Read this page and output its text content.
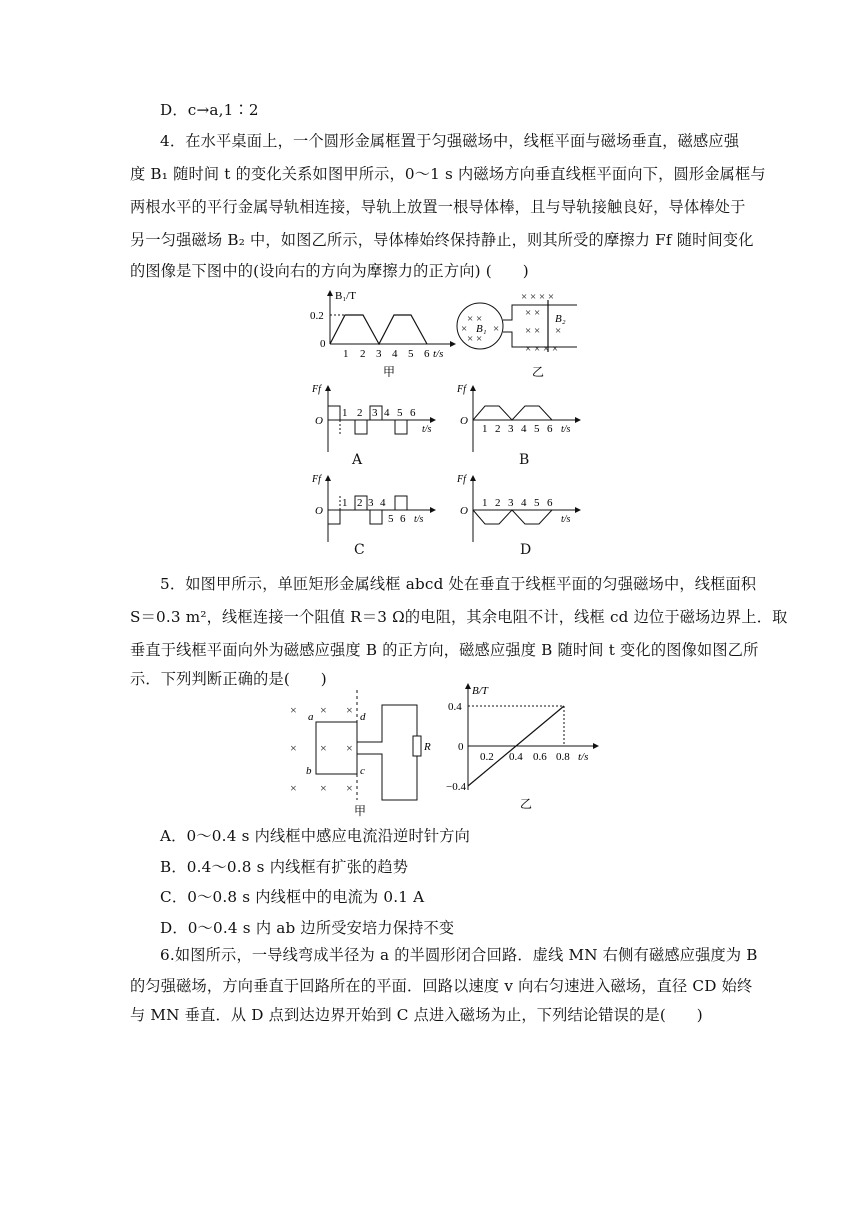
D．c→a,1∶2
4．在水平桌面上，一个圆形金属框置于匀强磁场中，线框平面与磁场垂直，磁感应强
度 B₁ 随时间 t 的变化关系如图甲所示，0～1 s 内磁场方向垂直线框平面向下，圆形金属框与
两根水平的平行金属导轨相连接，导轨上放置一根导体棒，且与导轨接触良好，导体棒处于
另一匀强磁场 B₂ 中，如图乙所示，导体棒始终保持静止，则其所受的摩擦力 Ff 随时间变化
的图像是下图中的(设向右的方向为摩擦力的正方向) (　　)
B₁/T
0.2
0
1 2 3 4 5 6 t/s
甲
× ×
× ×
× ×
B₁
× × × ×
× ×
× × ×
× × × ×
B₂
乙
Ff
O
1 2 3 4 5 6
t/s
A
Ff
O
1 2 3 4 5 6 t/s
B
Ff
O
1 2 3 4
5 6 t/s
C
Ff
O
1 2 3 4 5 6
t/s
D
5．如图甲所示，单匝矩形金属线框 abcd 处在垂直于线框平面的匀强磁场中，线框面积
S＝0.3 m²，线框连接一个阻值 R＝3 Ω的电阻，其余电阻不计，线框 cd 边位于磁场边界上．取
垂直于线框平面向外为磁感应强度 B 的正方向，磁感应强度 B 随时间 t 变化的图像如图乙所
示．下列判断正确的是(　　)
× × ×
× × ×
× × ×
a	d
b	c
R
甲
B/T
0.4
0
−0.4
0.2 0.4 0.6 0.8 t/s
乙
A．0～0.4 s 内线框中感应电流沿逆时针方向
B．0.4～0.8 s 内线框有扩张的趋势
C．0～0.8 s 内线框中的电流为 0.1 A
D．0～0.4 s 内 ab 边所受安培力保持不变
6.如图所示，一导线弯成半径为 a 的半圆形闭合回路．虚线 MN 右侧有磁感应强度为 B
的匀强磁场，方向垂直于回路所在的平面．回路以速度 v 向右匀速进入磁场，直径 CD 始终
与 MN 垂直．从 D 点到达边界开始到 C 点进入磁场为止，下列结论错误的是(　　)
